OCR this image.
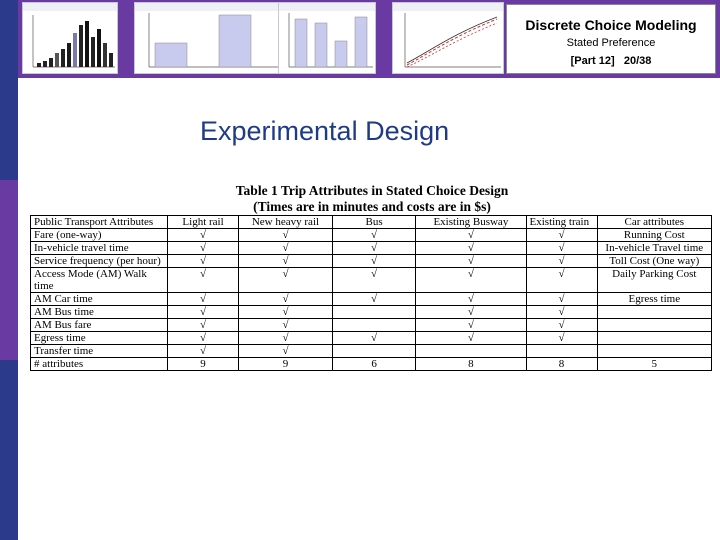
Discrete Choice Modeling
Stated Preference
[Part 12] 20/38
Experimental Design
Table 1 Trip Attributes in Stated Choice Design
(Times are in minutes and costs are in $s)
Public Transport Attributes	Light rail	New heavy rail	Bus	Existing Busway	Existing train	Car attributes
Fare (one-way)	√	√	√	√	√	Running Cost
In-vehicle travel time	√	√	√	√	√	In-vehicle Travel time
Service frequency (per hour)	√	√	√	√	√	Toll Cost (One way)
Access Mode (AM) Walk time	√	√	√	√	√	Daily Parking Cost
AM Car time	√	√	√	√	√	Egress time
AM Bus time	√	√		√	√	
AM Bus fare	√	√		√	√	
Egress time	√	√	√	√	√	
Transfer time	√	√				
# attributes	9	9	6	8	8	5
